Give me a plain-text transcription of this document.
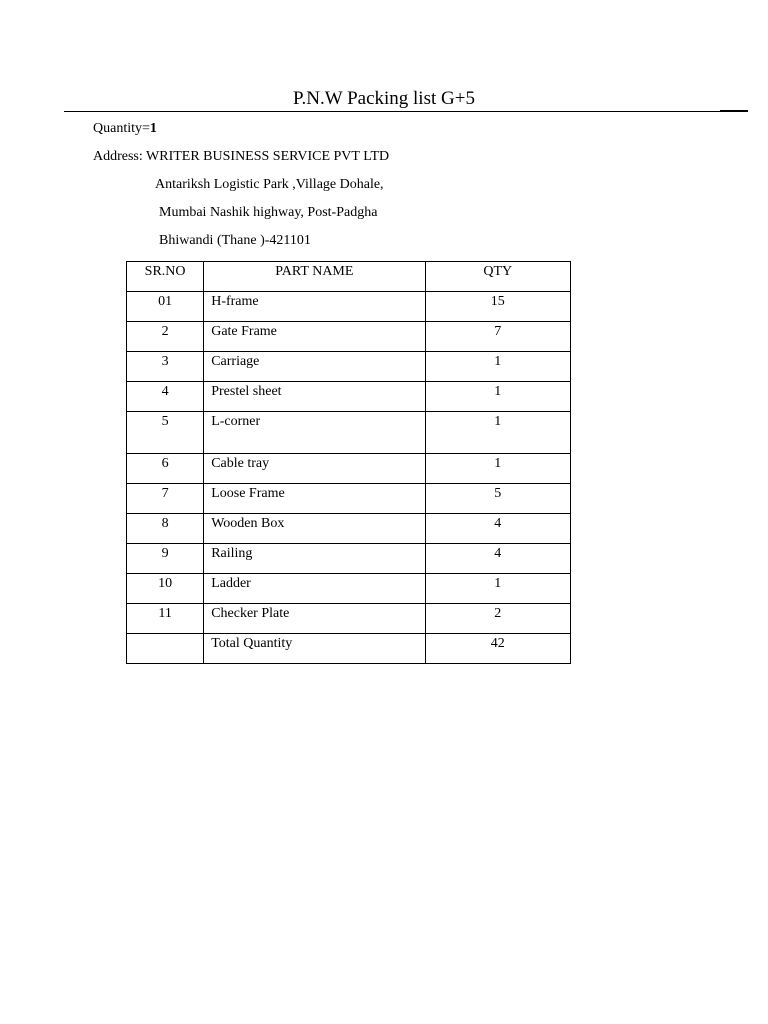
P.N.W Packing list G+5
Quantity=1
Address: WRITER BUSINESS SERVICE PVT LTD
Antariksh Logistic Park ,Village Dohale,
Mumbai Nashik highway, Post-Padgha
Bhiwandi (Thane )-421101
SR.NO	PART NAME	QTY

01	H-frame	15

2	Gate Frame	7

3	Carriage	1

4	Prestel sheet	1

5	L-corner	1

6	Cable tray	1

7	Loose Frame	5

8	Wooden Box	4

9	Railing	4

10	Ladder	1

11	Checker Plate	2

	Total Quantity	42
